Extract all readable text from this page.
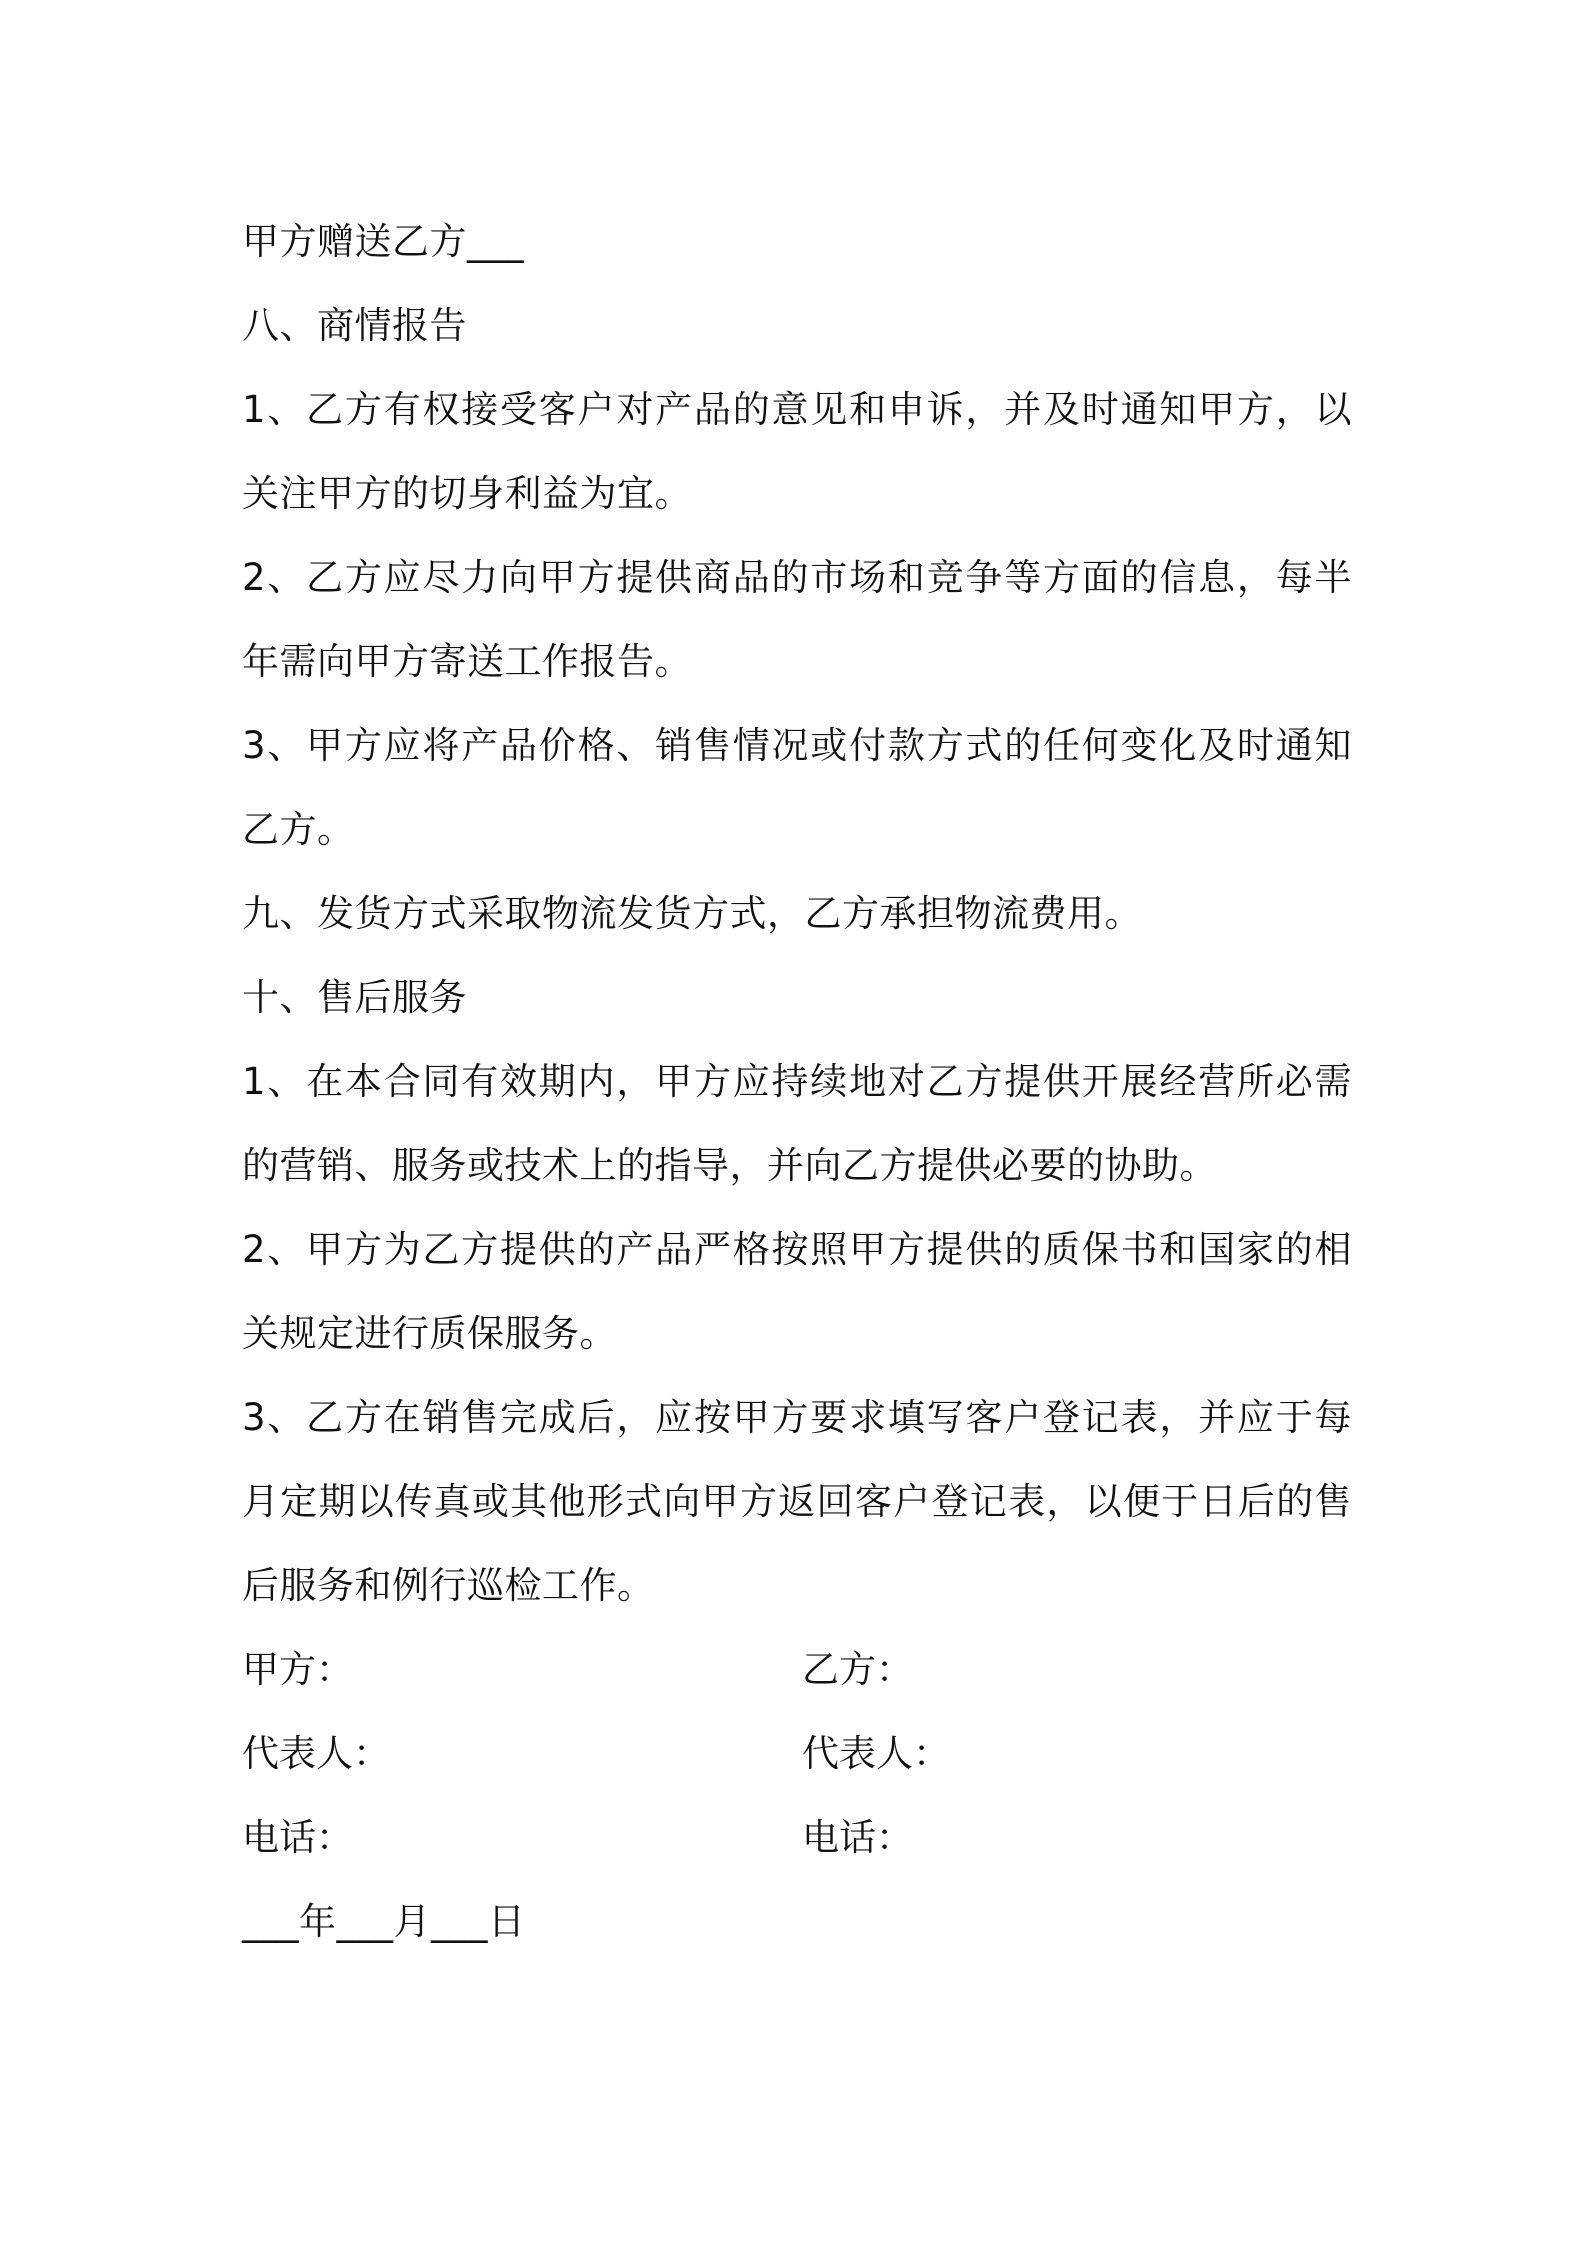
甲方赠送乙方___
八、商情报告
1、乙方有权接受客户对产品的意见和申诉，并及时通知甲方，以关注甲方的切身利益为宜。
2、乙方应尽力向甲方提供商品的市场和竞争等方面的信息，每半年需向甲方寄送工作报告。
3、甲方应将产品价格、销售情况或付款方式的任何变化及时通知乙方。
九、发货方式采取物流发货方式，乙方承担物流费用。
十、售后服务
1、在本合同有效期内，甲方应持续地对乙方提供开展经营所必需的营销、服务或技术上的指导，并向乙方提供必要的协助。
2、甲方为乙方提供的产品严格按照甲方提供的质保书和国家的相关规定进行质保服务。
3、乙方在销售完成后，应按甲方要求填写客户登记表，并应于每月定期以传真或其他形式向甲方返回客户登记表，以便于日后的售后服务和例行巡检工作。
甲方：	乙方：
代表人：	代表人：
电话：	电话：
___年___月___日
